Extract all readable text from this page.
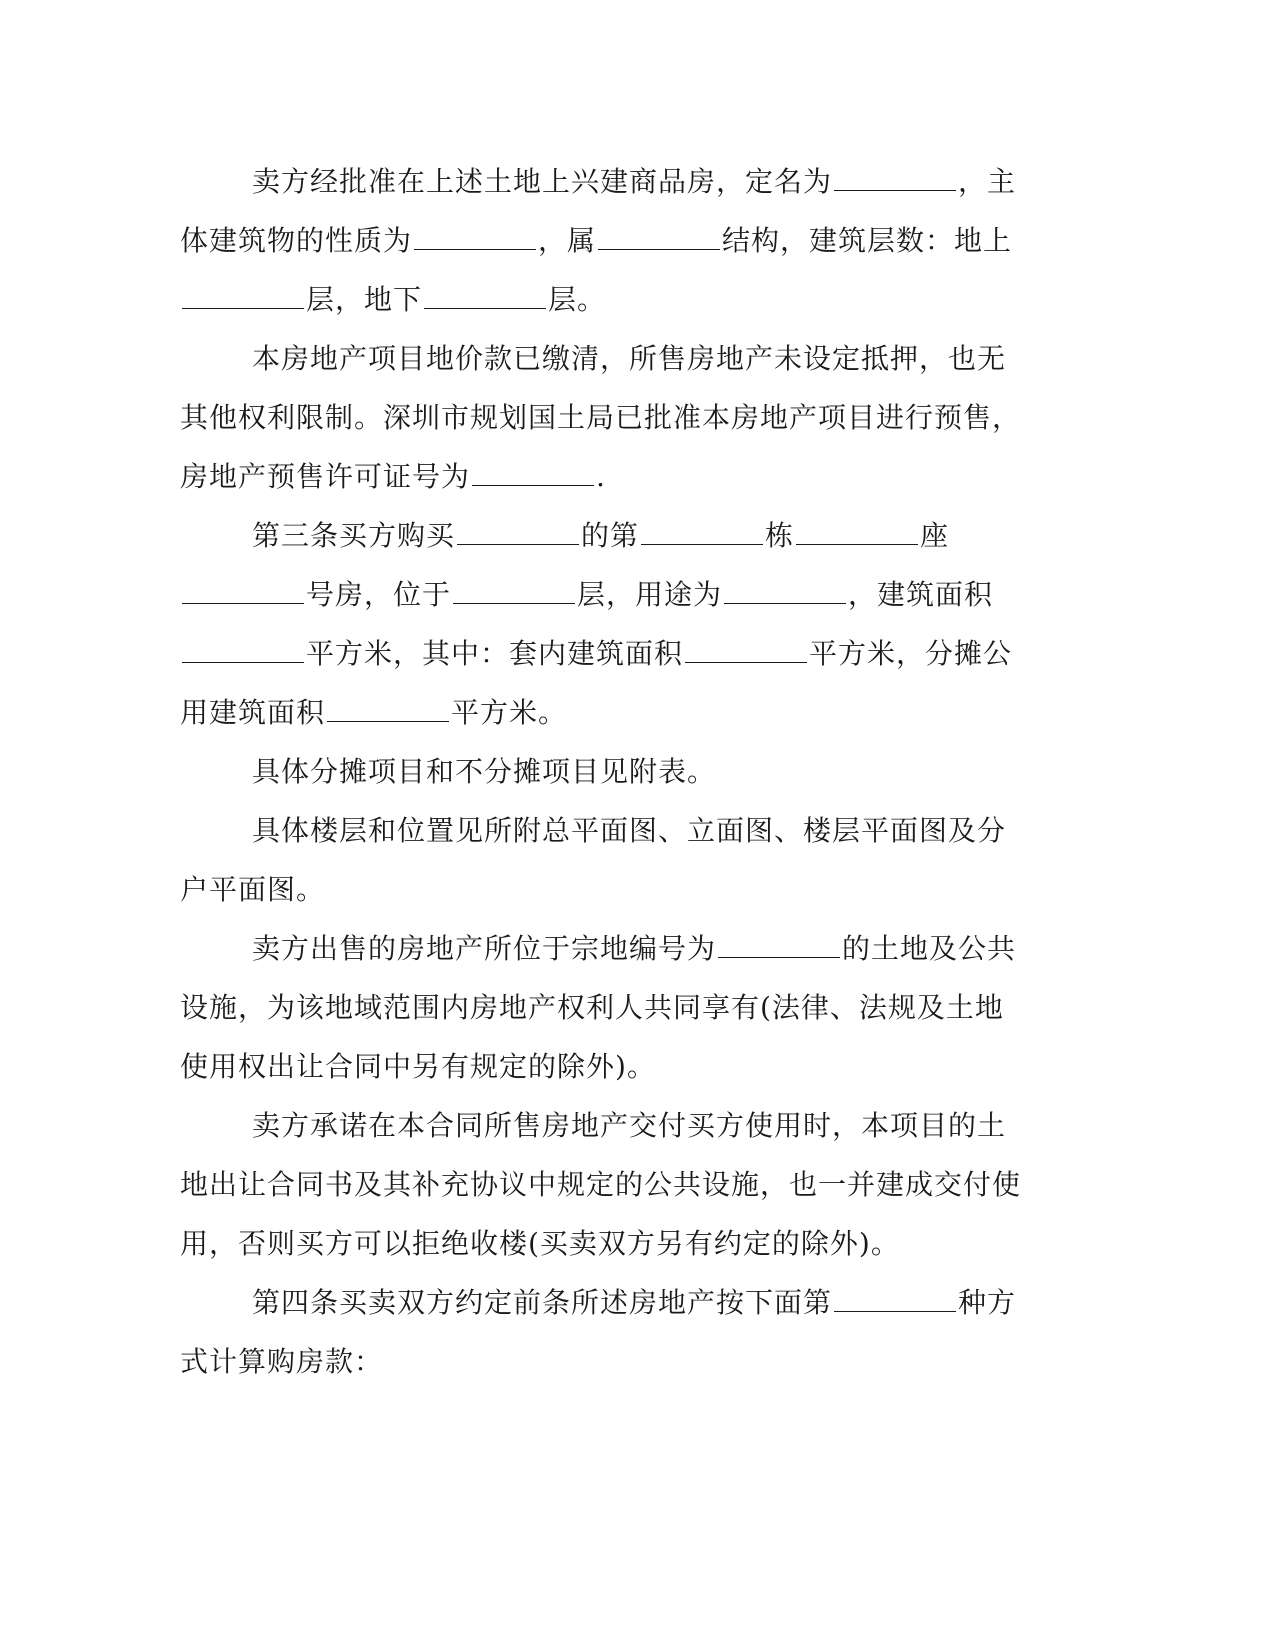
卖方经批准在上述土地上兴建商品房，定名为	，主体建筑物的性质为	，属	结构，建筑层数：地上层，地下	层。

本房地产项目地价款已缴清，所售房地产未设定抵押，也无其他权利限制。深圳市规划国土局已批准本房地产项目进行预售，房地产预售许可证号为	.

第三条买方购买	的第	栋	座号房，位于	层，用途为	，建筑面积平方米，其中：套内建筑面积	平方米，分摊公用建筑面积	平方米。

具体分摊项目和不分摊项目见附表。

具体楼层和位置见所附总平面图、立面图、楼层平面图及分户平面图。

卖方出售的房地产所位于宗地编号为	的土地及公共设施，为该地域范围内房地产权利人共同享有(法律、法规及土地使用权出让合同中另有规定的除外)。

卖方承诺在本合同所售房地产交付买方使用时，本项目的土地出让合同书及其补充协议中规定的公共设施，也一并建成交付使用，否则买方可以拒绝收楼(买卖双方另有约定的除外)。

第四条买卖双方约定前条所述房地产按下面第	种方式计算购房款：
